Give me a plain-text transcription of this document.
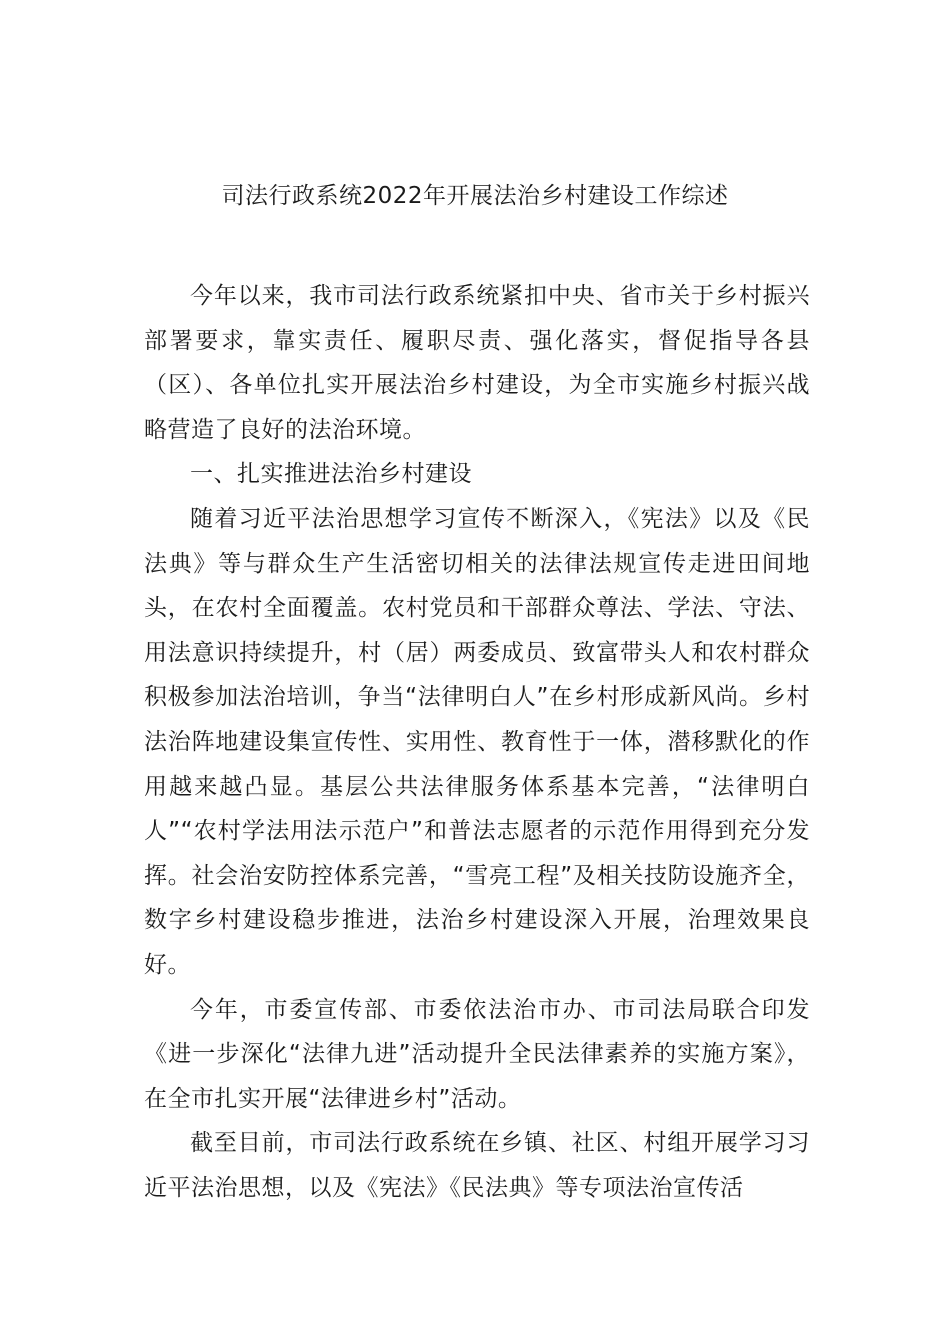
司法行政系统2022年开展法治乡村建设工作综述

今年以来，我市司法行政系统紧扣中央、省市关于乡村振兴部署要求，靠实责任、履职尽责、强化落实，督促指导各县（区）、各单位扎实开展法治乡村建设，为全市实施乡村振兴战略营造了良好的法治环境。

一、扎实推进法治乡村建设

随着习近平法治思想学习宣传不断深入，《宪法》以及《民法典》等与群众生产生活密切相关的法律法规宣传走进田间地头，在农村全面覆盖。农村党员和干部群众尊法、学法、守法、用法意识持续提升，村（居）两委成员、致富带头人和农村群众积极参加法治培训，争当“法律明白人”在乡村形成新风尚。乡村法治阵地建设集宣传性、实用性、教育性于一体，潜移默化的作用越来越凸显。基层公共法律服务体系基本完善，“法律明白人”“农村学法用法示范户”和普法志愿者的示范作用得到充分发挥。社会治安防控体系完善，“雪亮工程”及相关技防设施齐全，数字乡村建设稳步推进，法治乡村建设深入开展，治理效果良好。

今年，市委宣传部、市委依法治市办、市司法局联合印发《进一步深化“法律九进”活动提升全民法律素养的实施方案》，在全市扎实开展“法律进乡村”活动。

截至目前，市司法行政系统在乡镇、社区、村组开展学习习近平法治思想，以及《宪法》《民法典》等专项法治宣传活
